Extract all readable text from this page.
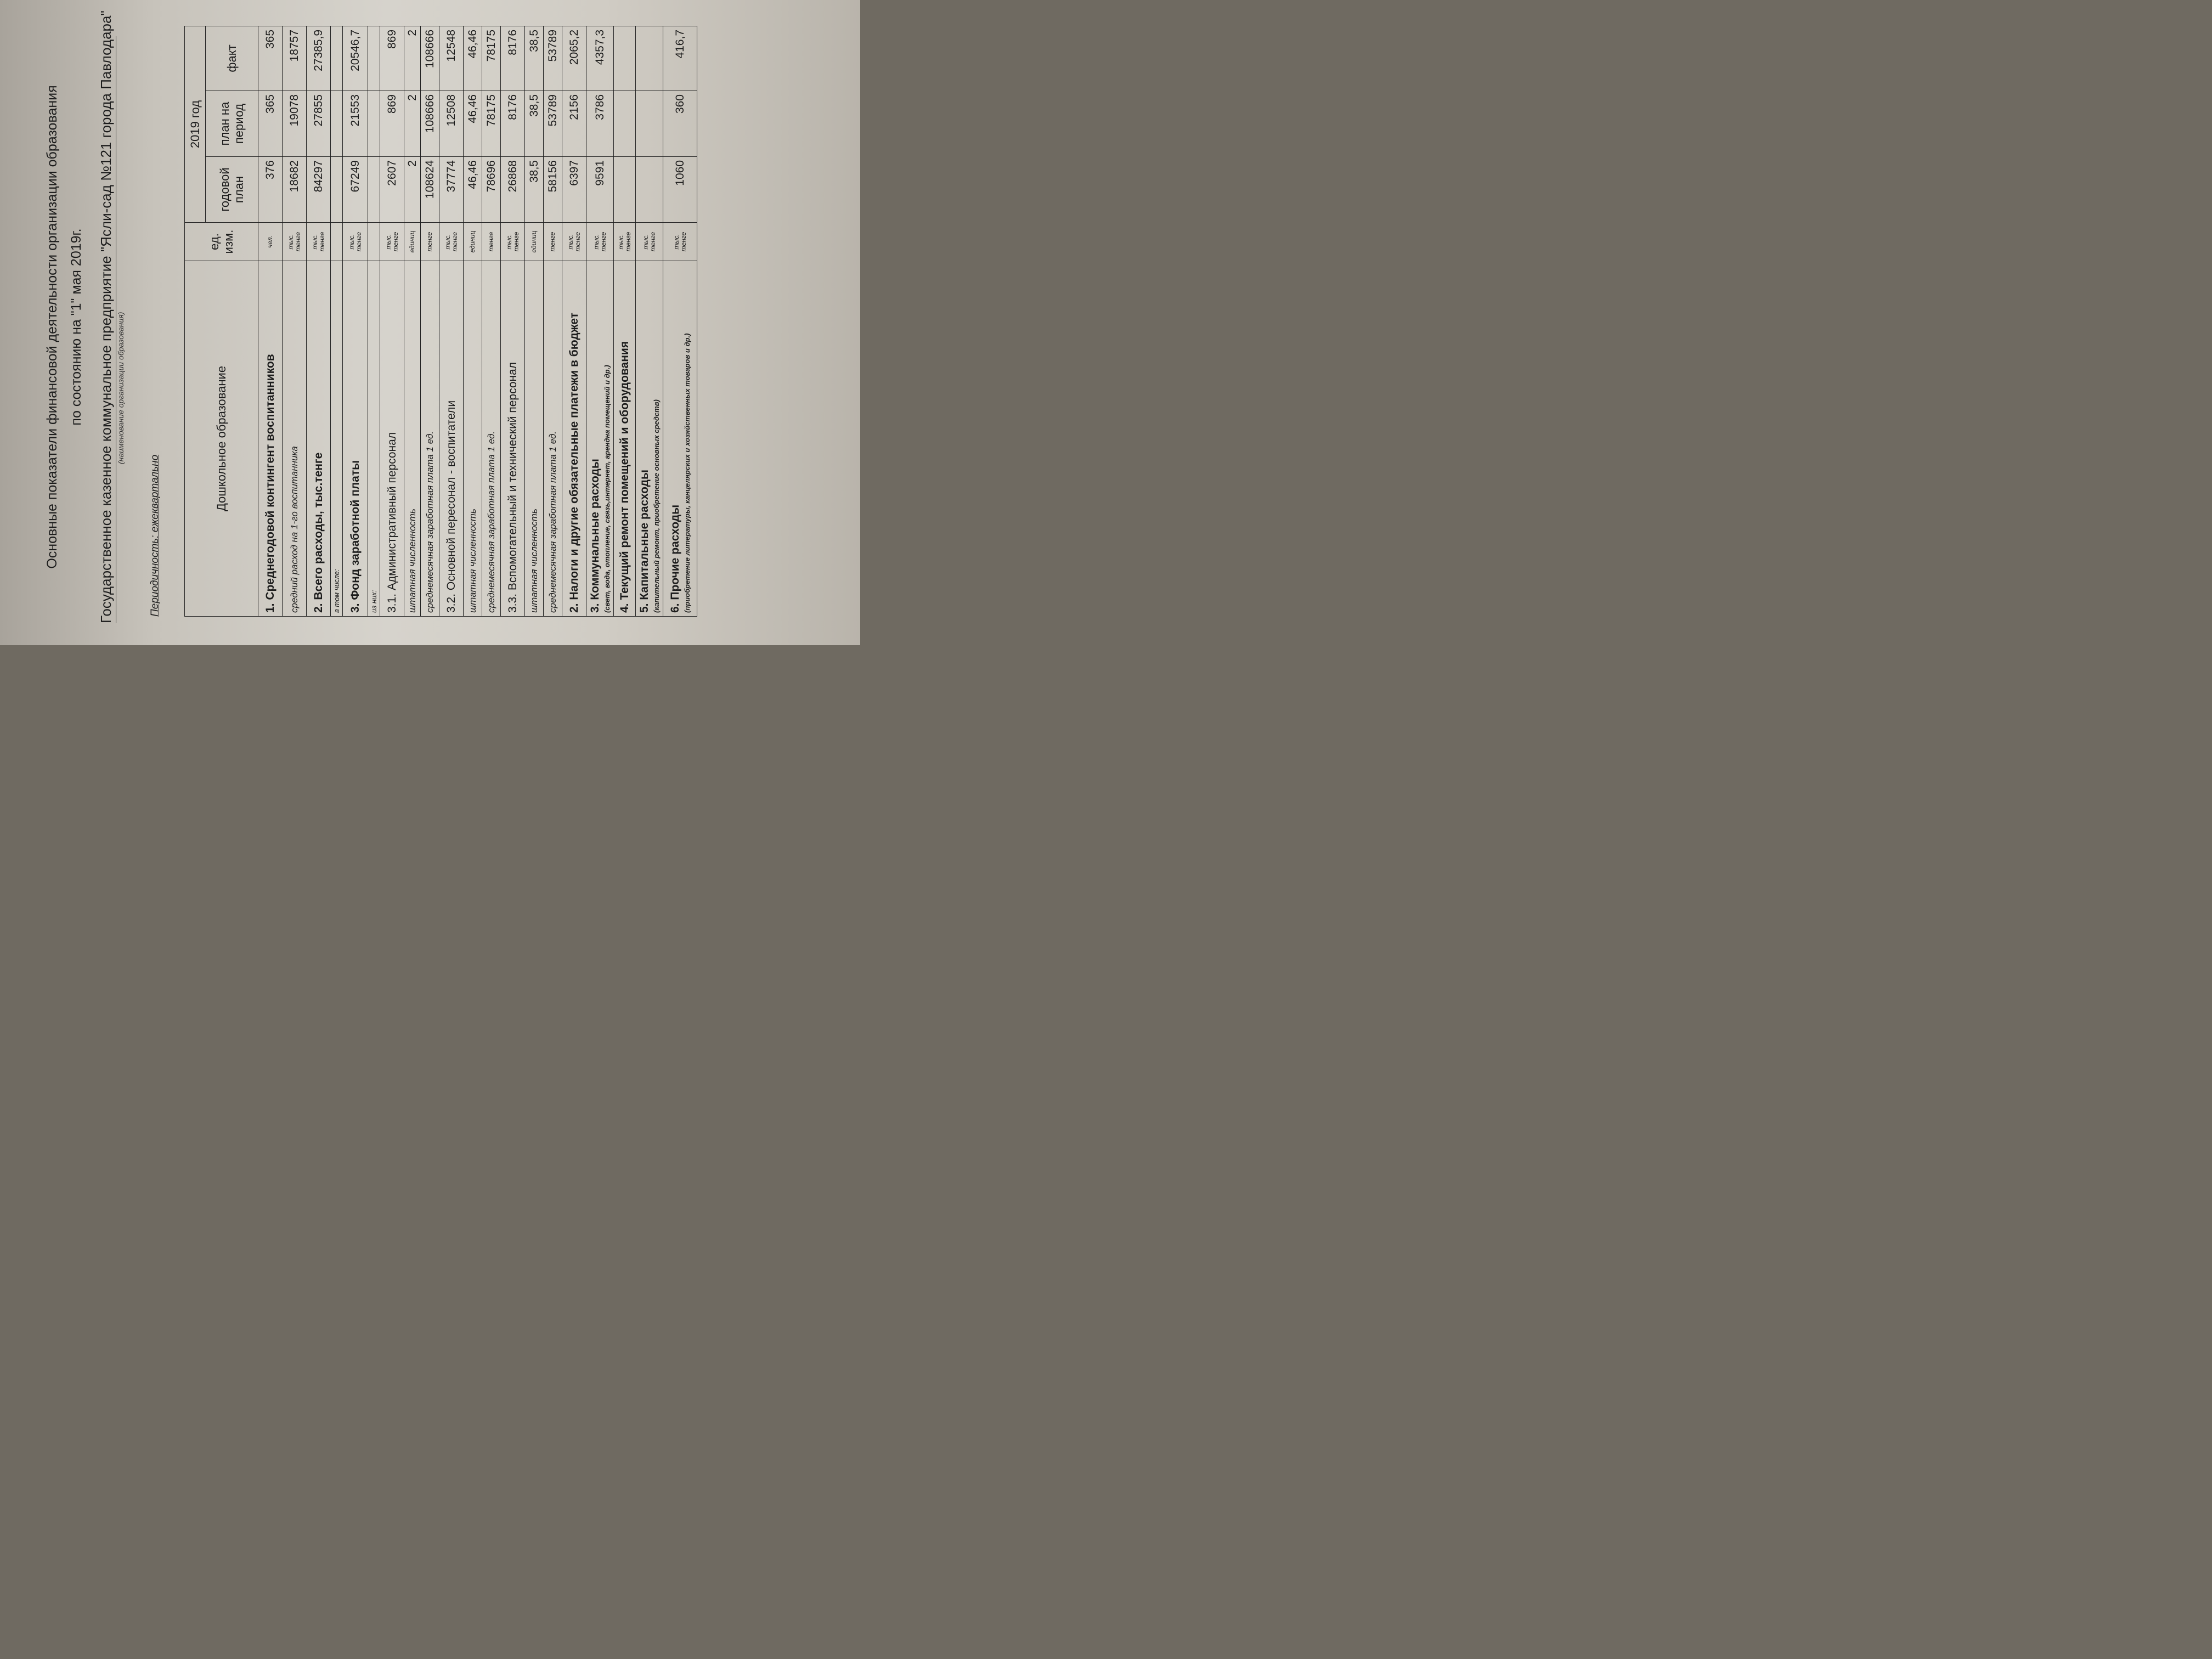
Основные показатели финансовой деятельности организации образования по состоянию на "1" мая 2019г. Государственное казенное коммунальное предприятие "Ясли-сад №121 города Павлодара" (наименование организации образования)
Периодичность: ежеквартально
Дошкольное образование	ед. изм.	2019 год		
		годовой план	план на период	факт
1. Среднегодовой контингент воспитанников	чел.	376	365	365
средний расход на 1-го воспитанника	тыс. тенге	18682	19078	18757
2. Всего расходы, тыс.тенге	тыс. тенге	84297	27855	27385,9
в том числе:				
3. Фонд заработной платы	тыс. тенге	67249	21553	20546,7
из них:				
3.1. Административный персонал	тыс. тенге	2607	869	869
штатная численность	единиц	2	2	2
среднемесячная заработная плата 1 ед.	тенге	108624	108666	108666
3.2. Основной пересонал - воспитатели	тыс. тенге	37774	12508	12548
штатная численность	единиц	46,46	46,46	46,46
среднемесячная заработная плата 1 ед.	тенге	78696	78175	78175
3.3. Вспомогательный и технический персонал	тыс. тенге	26868	8176	8176
штатная численность	единиц	38,5	38,5	38,5
среднемесячная заработная плата 1 ед.	тенге	58156	53789	53789
2. Налоги и другие обязательные платежи в бюджет	тыс. тенге	6397	2156	2065,2
3. Коммунальные расходы (свет, вода, отопление, связь,интернет, арендна помещений и др.)	тыс. тенге	9591	3786	4357,3
4. Текущий ремонт помещений и оборудования	тыс. тенге			
5. Капитальные расходы (капительный ремонт, приобретение основных средств)	тыс. тенге			
6. Прочие расходы (приобретение литературы, канцелярских и хозяйственных товаров и др.)	тыс. тенге	1060	360	416,7
